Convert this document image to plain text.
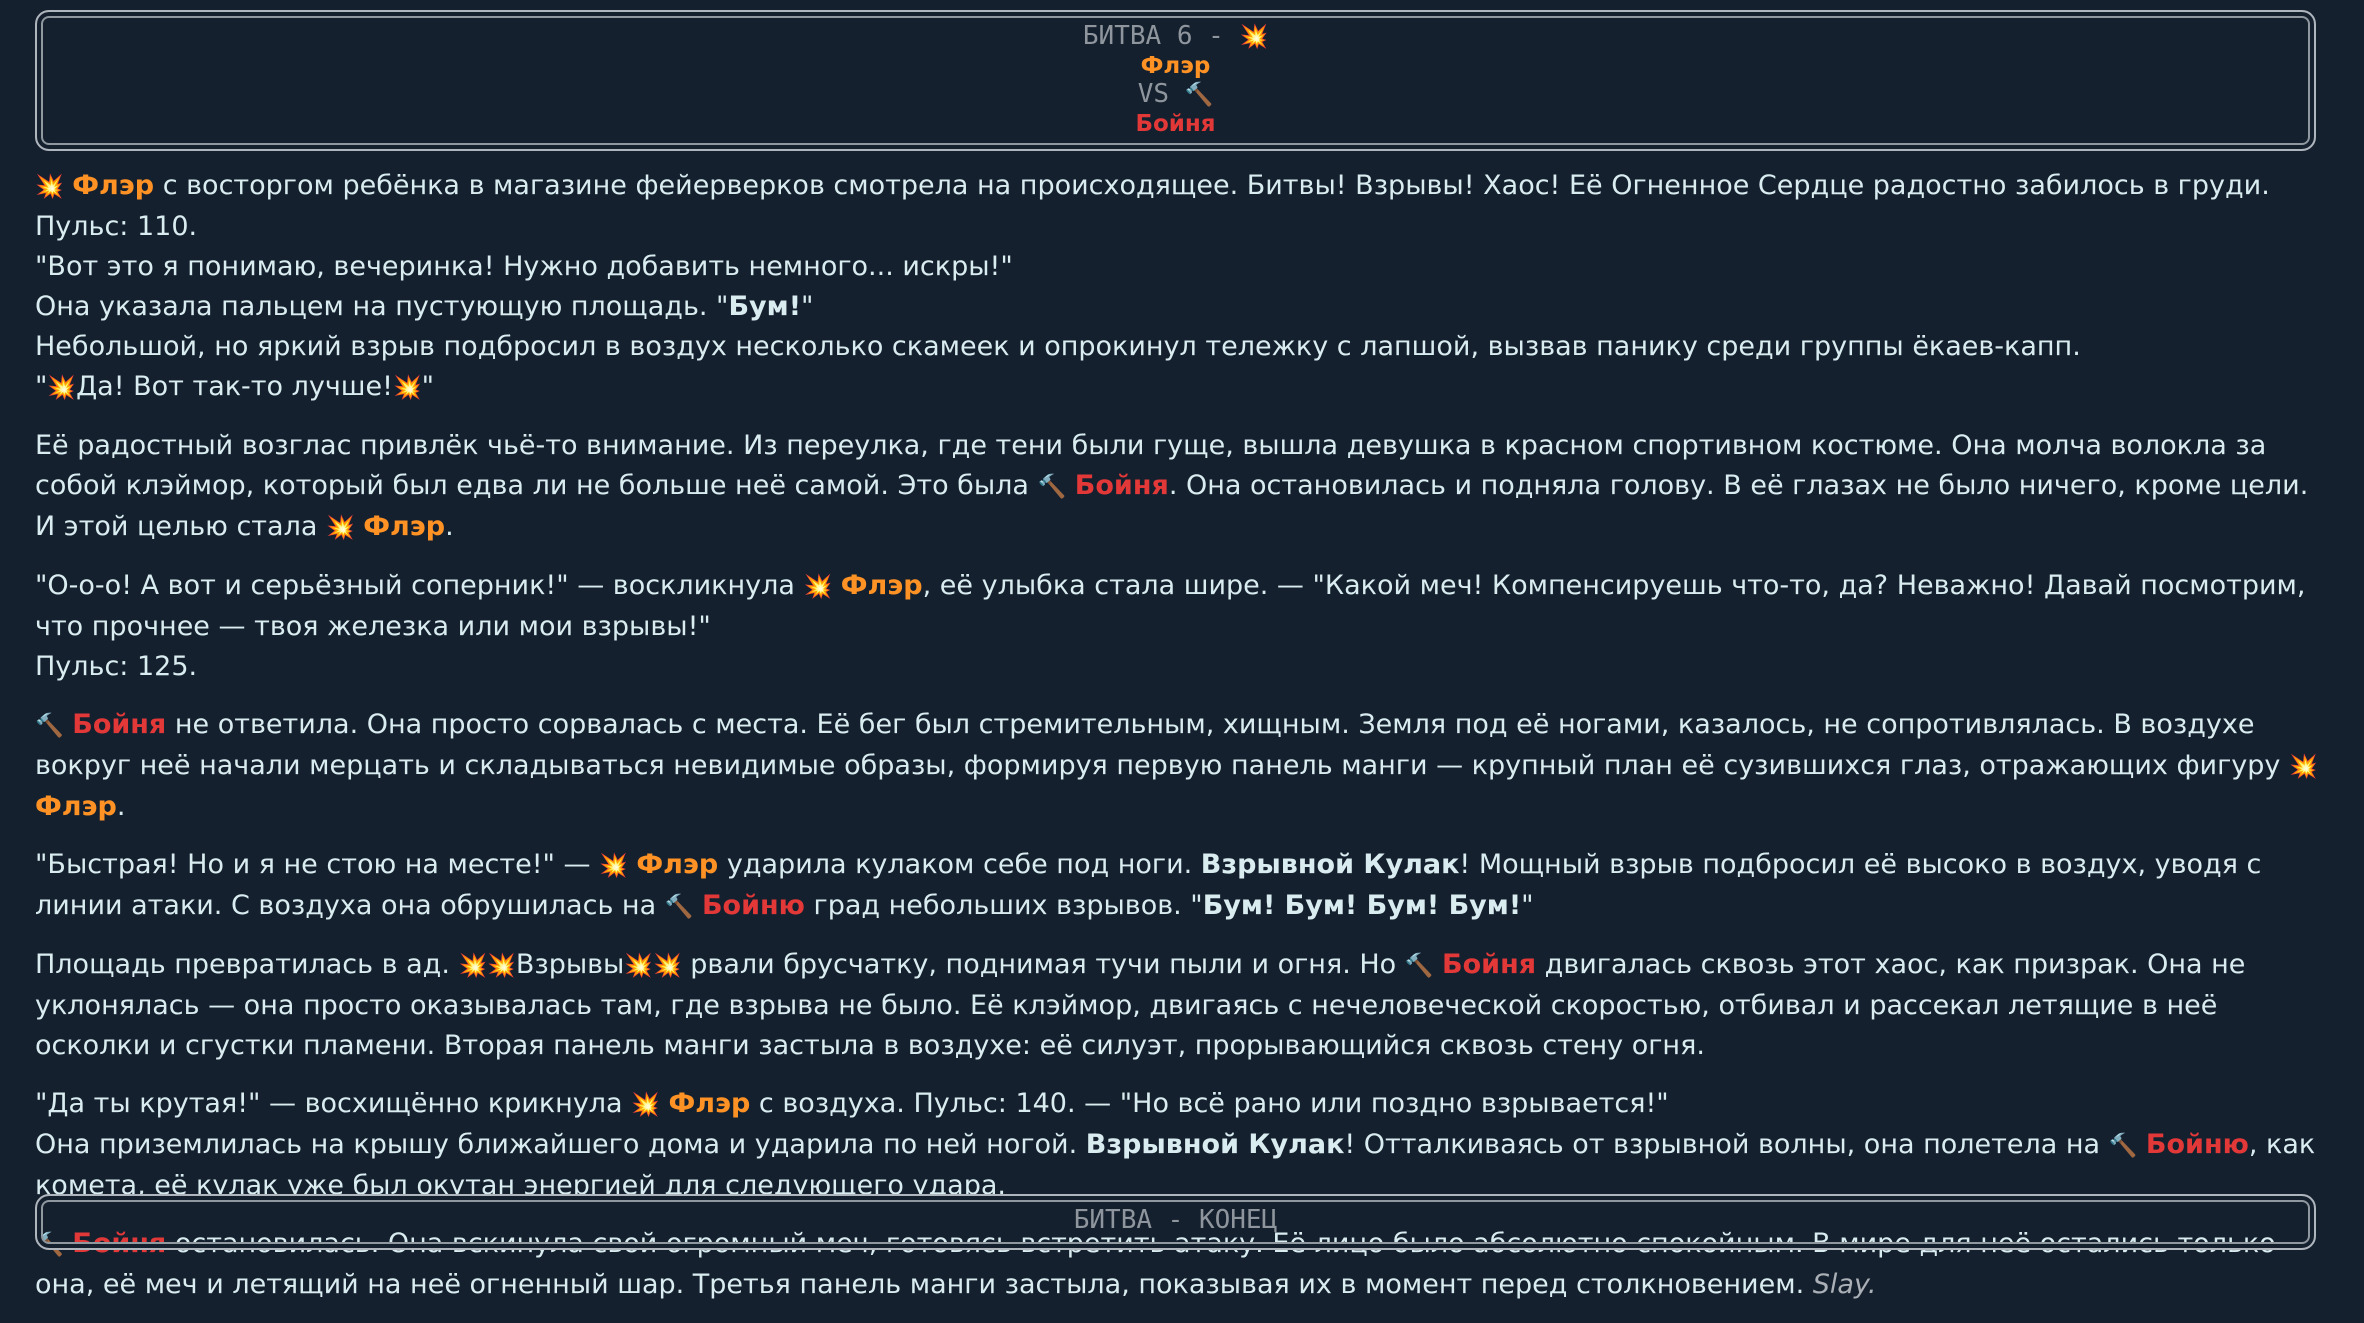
БИТВА 6 - 💥
Флэр
VS 🔨
Бойня

💥 Флэр с восторгом ребёнка в магазине фейерверков смотрела на происходящее. Битвы! Взрывы! Хаос! Её Огненное Сердце радостно забилось в груди. Пульс: 110.
"Вот это я понимаю, вечеринка! Нужно добавить немного... искры!"
Она указала пальцем на пустующую площадь. "Бум!"
Небольшой, но яркий взрыв подбросил в воздух несколько скамеек и опрокинул тележку с лапшой, вызвав панику среди группы ёкаев-капп.
"💥Да! Вот так-то лучше!💥"

Её радостный возглас привлёк чьё-то внимание. Из переулка, где тени были гуще, вышла девушка в красном спортивном костюме. Она молча волокла за собой клэймор, который был едва ли не больше неё самой. Это была 🔨 Бойня. Она остановилась и подняла голову. В её глазах не было ничего, кроме цели. И этой целью стала 💥 Флэр.

"О-о-о! А вот и серьёзный соперник!" — воскликнула 💥 Флэр, её улыбка стала шире. — "Какой меч! Компенсируешь что-то, да? Неважно! Давай посмотрим, что прочнее — твоя железка или мои взрывы!"
Пульс: 125.

🔨 Бойня не ответила. Она просто сорвалась с места. Её бег был стремительным, хищным. Земля под её ногами, казалось, не сопротивлялась. В воздухе вокруг неё начали мерцать и складываться невидимые образы, формируя первую панель манги — крупный план её сузившихся глаз, отражающих фигуру 💥 Флэр.

"Быстрая! Но и я не стою на месте!" — 💥 Флэр ударила кулаком себе под ноги. Взрывной Кулак! Мощный взрыв подбросил её высоко в воздух, уводя с линии атаки. С воздуха она обрушилась на 🔨 Бойню град небольших взрывов. "Бум! Бум! Бум! Бум!"

Площадь превратилась в ад. 💥💥Взрывы💥💥 рвали брусчатку, поднимая тучи пыли и огня. Но 🔨 Бойня двигалась сквозь этот хаос, как призрак. Она не уклонялась — она просто оказывалась там, где взрыва не было. Её клэймор, двигаясь с нечеловеческой скоростью, отбивал и рассекал летящие в неё осколки и сгустки пламени. Вторая панель манги застыла в воздухе: её силуэт, прорывающийся сквозь стену огня.

"Да ты крутая!" — восхищённо крикнула 💥 Флэр с воздуха. Пульс: 140. — "Но всё рано или поздно взрывается!"
Она приземлилась на крышу ближайшего дома и ударила по ней ногой. Взрывной Кулак! Отталкиваясь от взрывной волны, она полетела на 🔨 Бойню, как комета, её кулак уже был окутан энергией для следующего удара.

🔨 Бойня остановилась. Она вскинула свой огромный меч, готовясь встретить атаку. Её лицо было абсолютно спокойным. В мире для неё остались только она, её меч и летящий на неё огненный шар. Третья панель манги застыла, показывая их в момент перед столкновением. Slay.

БИТВА - КОНЕЦ
